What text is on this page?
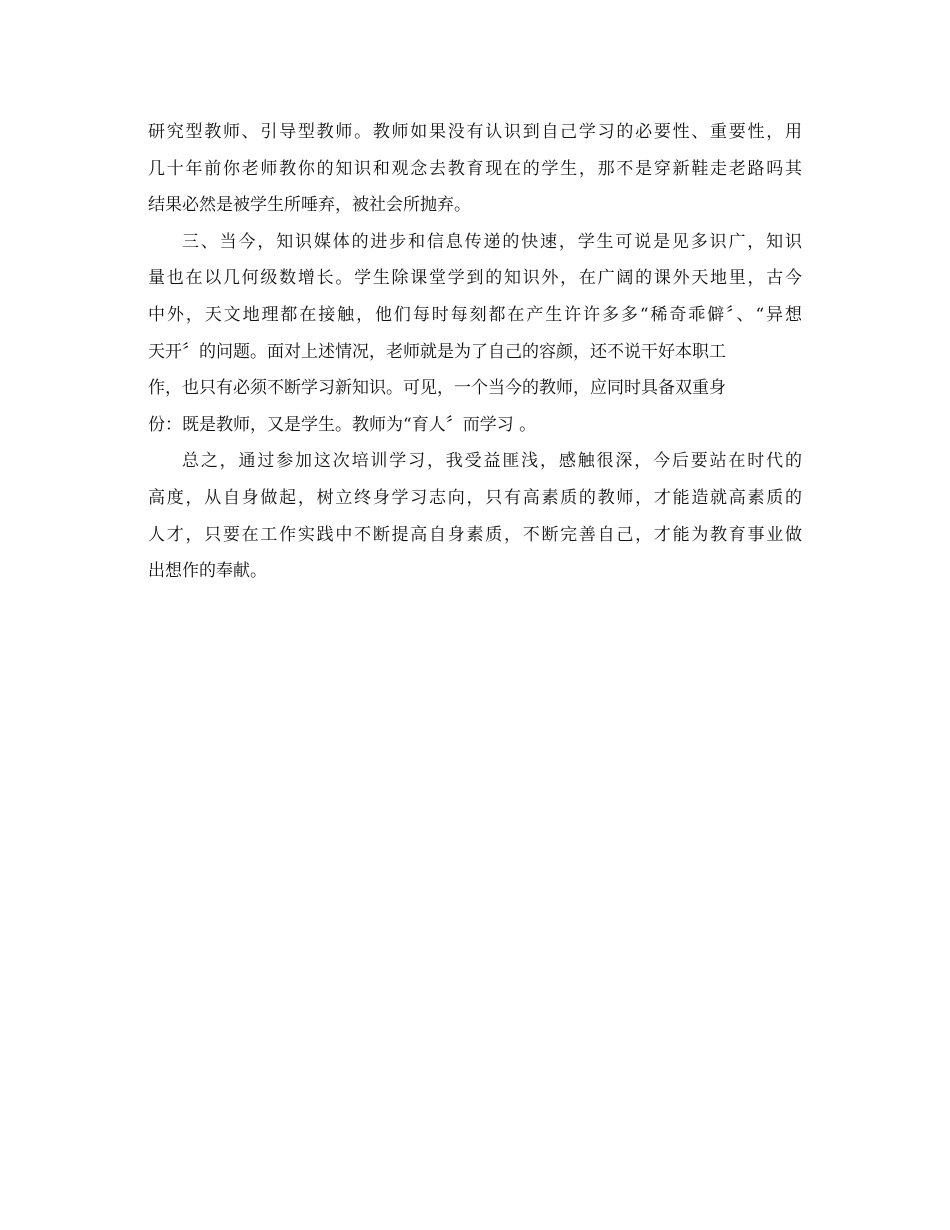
研究型教师、引导型教师。教师如果没有认识到自己学习的必要性、重要性，用
几十年前你老师教你的知识和观念去教育现在的学生，那不是穿新鞋走老路吗其
结果必然是被学生所唾弃，被社会所抛弃。
三、当今，知识媒体的进步和信息传递的快速，学生可说是见多识广，知识
量也在以几何级数增长。学生除课堂学到的知识外，在广阔的课外天地里，古今
中外，天文地理都在接触，他们每时每刻都在产生许许多多“稀奇乖僻〞、“异想
天开〞的问题。面对上述情况，老师就是为了自己的容颜，还不说干好本职工
作，也只有必须不断学习新知识。可见，一个当今的教师，应同时具备双重身
份：既是教师，又是学生。教师为“育人〞而学习 。
总之，通过参加这次培训学习，我受益匪浅，感触很深，今后要站在时代的
高度，从自身做起，树立终身学习志向，只有高素质的教师，才能造就高素质的
人才，只要在工作实践中不断提高自身素质，不断完善自己，才能为教育事业做
出想作的奉献。
